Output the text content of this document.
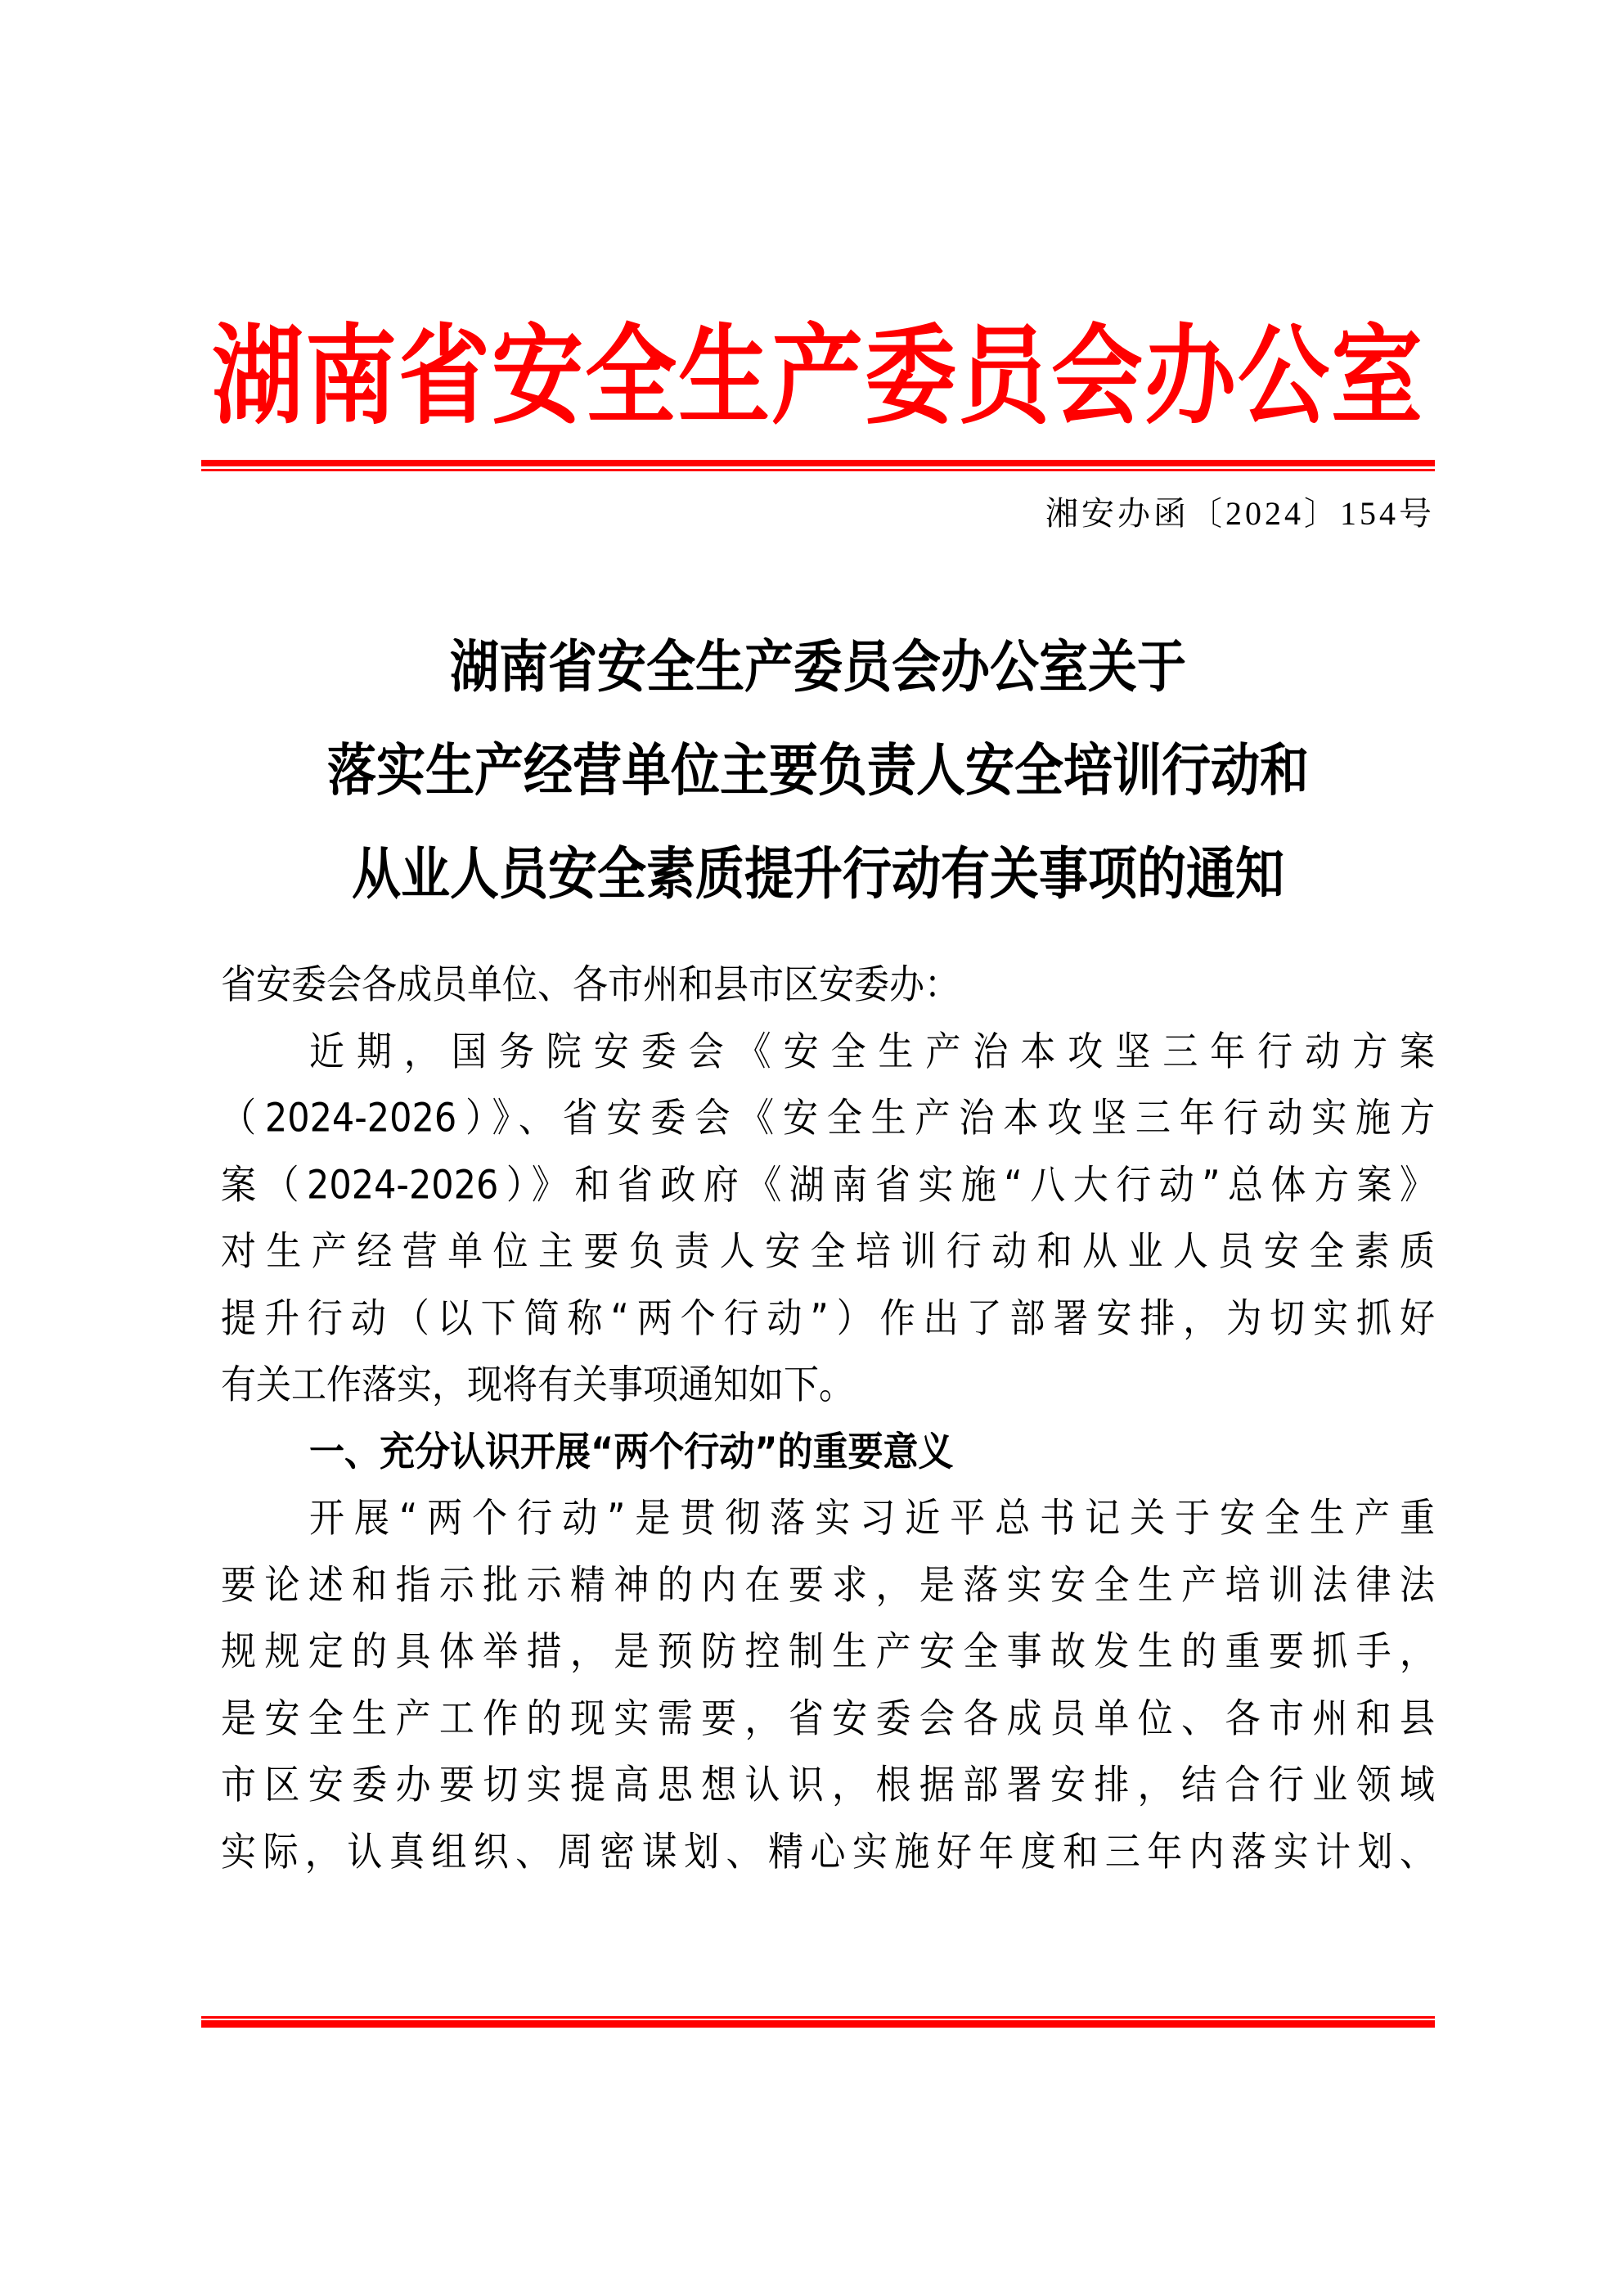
湖南省安全生产委员会办公室
湘安办函〔2024〕154号
湖南省安全生产委员会办公室关于
落实生产经营单位主要负责人安全培训行动和
从业人员安全素质提升行动有关事项的通知
省安委会各成员单位、各市州和县市区安委办：
近期，国务院安委会《安全生产治本攻坚三年行动方案
（2024-2026）》、省安委会《安全生产治本攻坚三年行动实施方
案（2024-2026）》和省政府《湖南省实施“八大行动”总体方案》
对生产经营单位主要负责人安全培训行动和从业人员安全素质
提升行动（以下简称“两个行动”）作出了部署安排，为切实抓好
有关工作落实，现将有关事项通知如下。
一、充分认识开展“两个行动”的重要意义
开展“两个行动”是贯彻落实习近平总书记关于安全生产重
要论述和指示批示精神的内在要求，是落实安全生产培训法律法
规规定的具体举措，是预防控制生产安全事故发生的重要抓手，
是安全生产工作的现实需要，省安委会各成员单位、各市州和县
市区安委办要切实提高思想认识，根据部署安排，结合行业领域
实际，认真组织、周密谋划、精心实施好年度和三年内落实计划、
